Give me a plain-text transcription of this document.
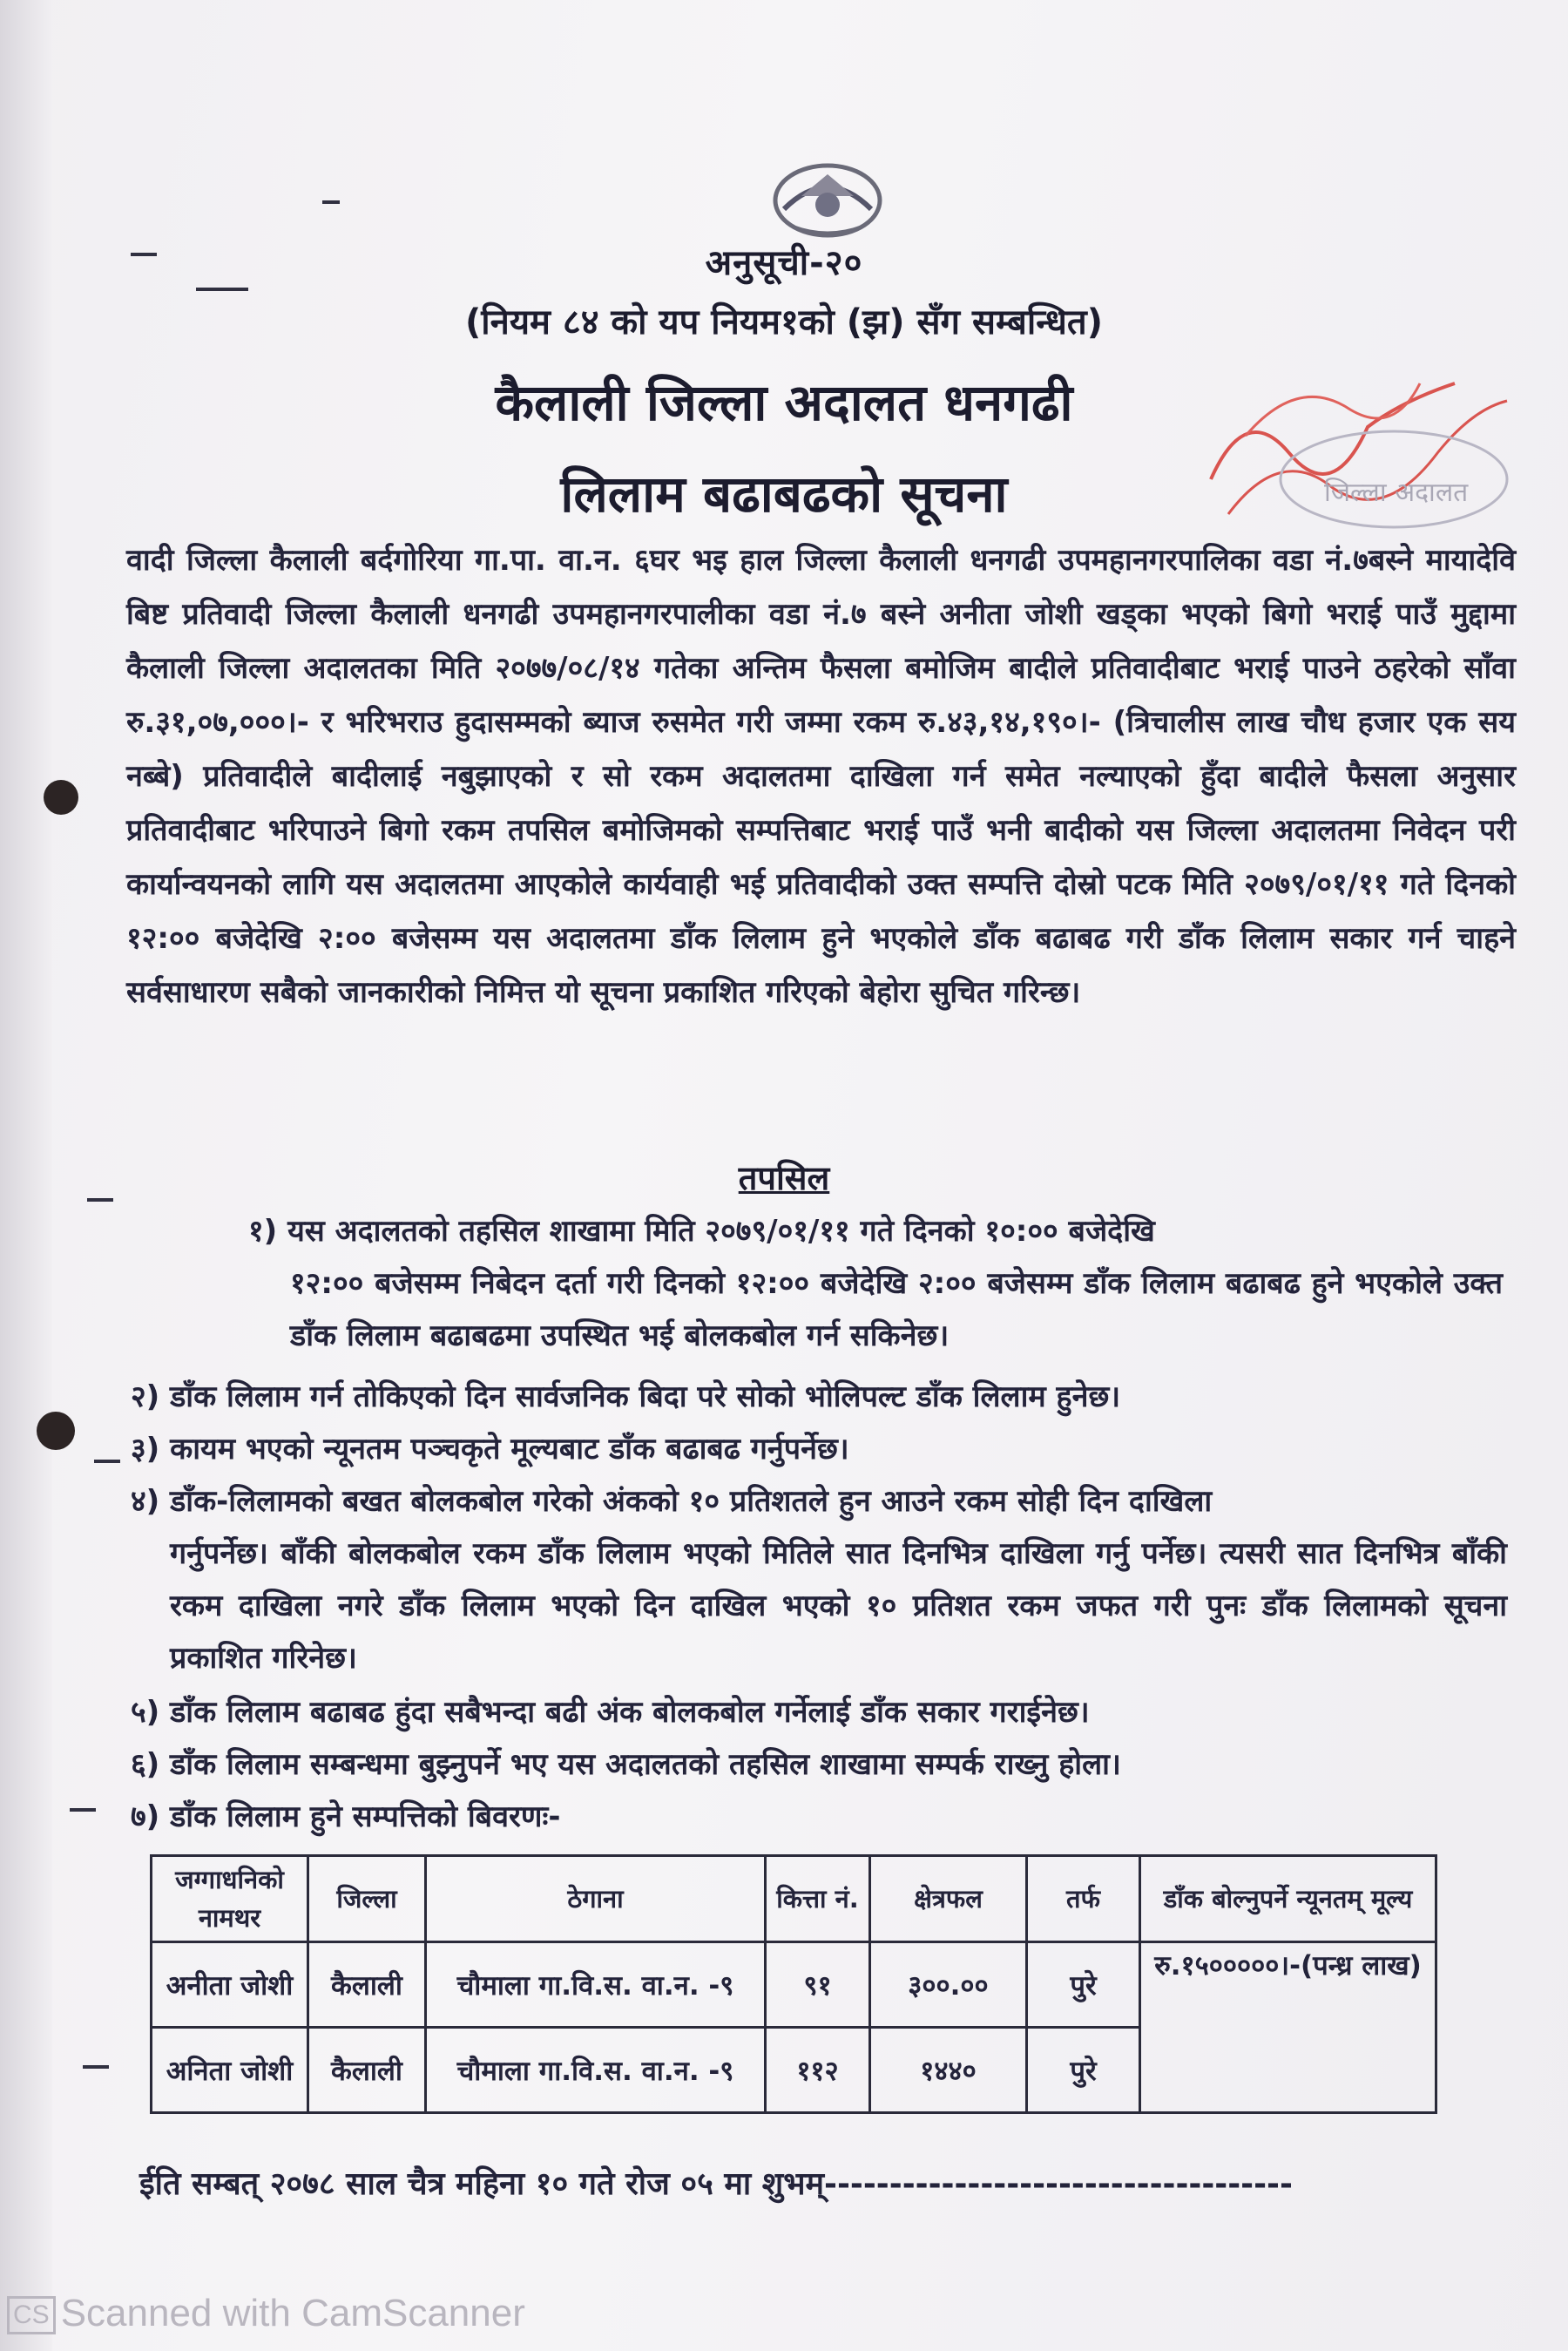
अनुसूची-२०
(नियम ८४ को यप नियम१को (झ) सँग सम्बन्धित)
कैलाली जिल्ला अदालत धनगढी
लिलाम बढाबढको सूचना	जिल्ला अदालत
वादी जिल्ला कैलाली बर्दगोरिया गा.पा. वा.न. ६घर भइ हाल जिल्ला कैलाली धनगढी उपमहानगरपालिका वडा नं.७बस्ने मायादेवि बिष्ट प्रतिवादी जिल्ला कैलाली धनगढी उपमहानगरपालीका वडा नं.७ बस्ने अनीता जोशी खड्का भएको बिगो भराई पाउँ मुद्दामा कैलाली जिल्ला अदालतका मिति २०७७/०८/१४ गतेका अन्तिम फैसला बमोजिम बादीले प्रतिवादीबाट भराई पाउने ठहरेको साँवा रु.३१,०७,०००।- र भरिभराउ हुदासम्मको ब्याज रुसमेत गरी जम्मा रकम रु.४३,१४,१९०।- (त्रिचालीस लाख चौध हजार एक सय नब्बे) प्रतिवादीले बादीलाई नबुझाएको र सो रकम अदालतमा दाखिला गर्न समेत नल्याएको हुँदा बादीले फैसला अनुसार प्रतिवादीबाट भरिपाउने बिगो रकम तपसिल बमोजिमको सम्पत्तिबाट भराई पाउँ भनी बादीको यस जिल्ला अदालतमा निवेदन परी कार्यान्वयनको लागि यस अदालतमा आएकोले कार्यवाही भई प्रतिवादीको उक्त सम्पत्ति दोस्रो पटक मिति २०७९/०१/११ गते दिनको १२:०० बजेदेखि २:०० बजेसम्म यस अदालतमा डाँक लिलाम हुने भएकोले डाँक बढाबढ गरी डाँक लिलाम सकार गर्न चाहने सर्वसाधारण सबैको जानकारीको निमित्त यो सूचना प्रकाशित गरिएको बेहोरा सुचित गरिन्छ।
तपसिल
१) यस अदालतको तहसिल शाखामा मिति २०७९/०१/११ गते दिनको १०:०० बजेदेखि
१२:०० बजेसम्म निबेदन दर्ता गरी दिनको १२:०० बजेदेखि २:०० बजेसम्म डाँक लिलाम बढाबढ हुने भएकोले उक्त डाँक लिलाम बढाबढमा उपस्थित भई बोलकबोल गर्न सकिनेछ।
२) डाँक लिलाम गर्न तोकिएको दिन सार्वजनिक बिदा परे सोको भोलिपल्ट डाँक लिलाम हुनेछ।
३) कायम भएको न्यूनतम पञ्चकृते मूल्यबाट डाँक बढाबढ गर्नुपर्नेछ।
४) डाँक-लिलामको बखत बोलकबोल गरेको अंकको १० प्रतिशतले हुन आउने रकम सोही दिन दाखिला
गर्नुपर्नेछ। बाँकी बोलकबोल रकम डाँक लिलाम भएको मितिले सात दिनभित्र दाखिला गर्नु पर्नेछ। त्यसरी सात दिनभित्र बाँकी रकम दाखिला नगरे डाँक लिलाम भएको दिन दाखिल भएको १० प्रतिशत रकम जफत गरी पुनः डाँक लिलामको सूचना प्रकाशित गरिनेछ।
५) डाँक लिलाम बढाबढ हुंदा सबैभन्दा बढी अंक बोलकबोल गर्नेलाई डाँक सकार गराईनेछ।
६) डाँक लिलाम सम्बन्धमा बुझ्नुपर्ने भए यस अदालतको तहसिल शाखामा सम्पर्क राख्नु होला।
७) डाँक लिलाम हुने सम्पत्तिको बिवरणः-
जग्गाधनिको नामथर	जिल्ला	ठेगाना	कित्ता नं.	क्षेत्रफल	तर्फ	डाँक बोल्नुपर्ने न्यूनतम् मूल्य
अनीता जोशी	कैलाली	चौमाला गा.वि.स. वा.न. -९	९१	३००.००	पुरे	रु.१५०००००।-(पन्ध्र लाख)
अनिता जोशी	कैलाली	चौमाला गा.वि.स. वा.न. -९	११२	१४४०	पुरे	
ईति सम्बत् २०७८ साल चैत्र महिना १० गते रोज ०५ मा शुभम्------------------------------------
CS Scanned with CamScanner
